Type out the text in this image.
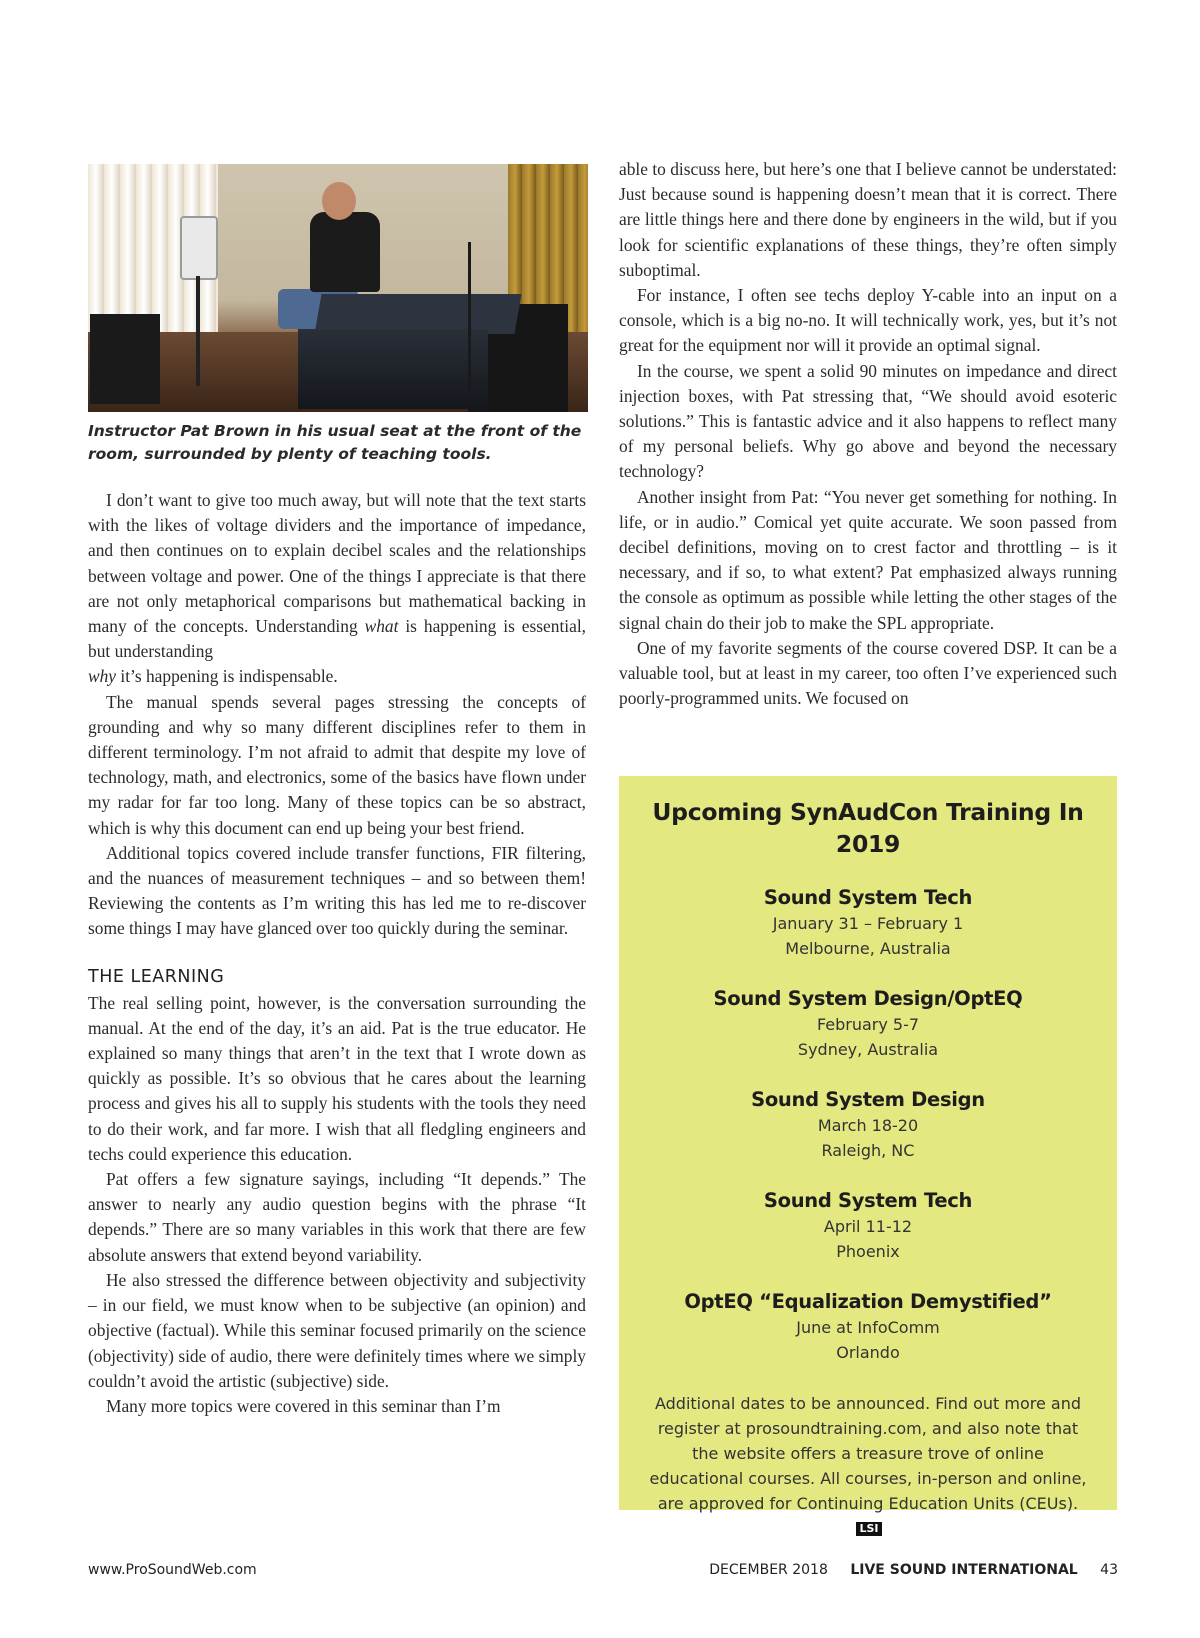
Instructor Pat Brown in his usual seat at the front of the room, surrounded by plenty of teaching tools.

I don’t want to give too much away, but will note that the text starts with the likes of voltage dividers and the importance of impedance, and then continues on to explain decibel scales and the relationships between voltage and power. One of the things I appreciate is that there are not only metaphorical comparisons but mathematical backing in many of the concepts. Understanding what is happening is essential, but understanding
why it’s happening is indispensable.

The manual spends several pages stressing the concepts of grounding and why so many different disciplines refer to them in different terminology. I’m not afraid to admit that despite my love of technology, math, and electronics, some of the basics have flown under my radar for far too long. Many of these topics can be so abstract, which is why this document can end up being your best friend.

Additional topics covered include transfer functions, FIR filtering, and the nuances of measurement techniques – and so between them! Reviewing the contents as I’m writing this has led me to re-discover some things I may have glanced over too quickly during the seminar.

THE LEARNING

The real selling point, however, is the conversation surrounding the manual. At the end of the day, it’s an aid. Pat is the true educator. He explained so many things that aren’t in the text that I wrote down as quickly as possible. It’s so obvious that he cares about the learning process and gives his all to supply his students with the tools they need to do their work, and far more. I wish that all fledgling engineers and techs could experience this education.

Pat offers a few signature sayings, including “It depends.” The answer to nearly any audio question begins with the phrase “It depends.” There are so many variables in this work that there are few absolute answers that extend beyond variability.

He also stressed the difference between objectivity and subjectivity – in our field, we must know when to be subjective (an opinion) and objective (factual). While this seminar focused primarily on the science (objectivity) side of audio, there were definitely times where we simply couldn’t avoid the artistic (subjective) side.

Many more topics were covered in this seminar than I’m

able to discuss here, but here’s one that I believe cannot be understated: Just because sound is happening doesn’t mean that it is correct. There are little things here and there done by engineers in the wild, but if you look for scientific explanations of these things, they’re often simply suboptimal.

For instance, I often see techs deploy Y-cable into an input on a console, which is a big no-no. It will technically work, yes, but it’s not great for the equipment nor will it provide an optimal signal.

In the course, we spent a solid 90 minutes on impedance and direct injection boxes, with Pat stressing that, “We should avoid esoteric solutions.” This is fantastic advice and it also happens to reflect many of my personal beliefs. Why go above and beyond the necessary technology?

Another insight from Pat: “You never get something for nothing. In life, or in audio.” Comical yet quite accurate. We soon passed from decibel definitions, moving on to crest factor and throttling – is it necessary, and if so, to what extent? Pat emphasized always running the console as optimum as possible while letting the other stages of the signal chain do their job to make the SPL appropriate.

One of my favorite segments of the course covered DSP. It can be a valuable tool, but at least in my career, too often I’ve experienced such poorly-programmed units. We focused on

Upcoming SynAudCon Training In 2019
Sound System Tech
January 31 – February 1
Melbourne, Australia
Sound System Design/OptEQ
February 5-7
Sydney, Australia
Sound System Design
March 18-20
Raleigh, NC
Sound System Tech
April 11-12
Phoenix
OptEQ “Equalization Demystified”
June at InfoComm
Orlando
Additional dates to be announced. Find out more and register at prosoundtraining.com, and also note that the website offers a treasure trove of online educational courses. All courses, in-person and online, are approved for Continuing Education Units (CEUs). LSI
www.ProSoundWeb.com	DECEMBER 2018 LIVE SOUND INTERNATIONAL 43
